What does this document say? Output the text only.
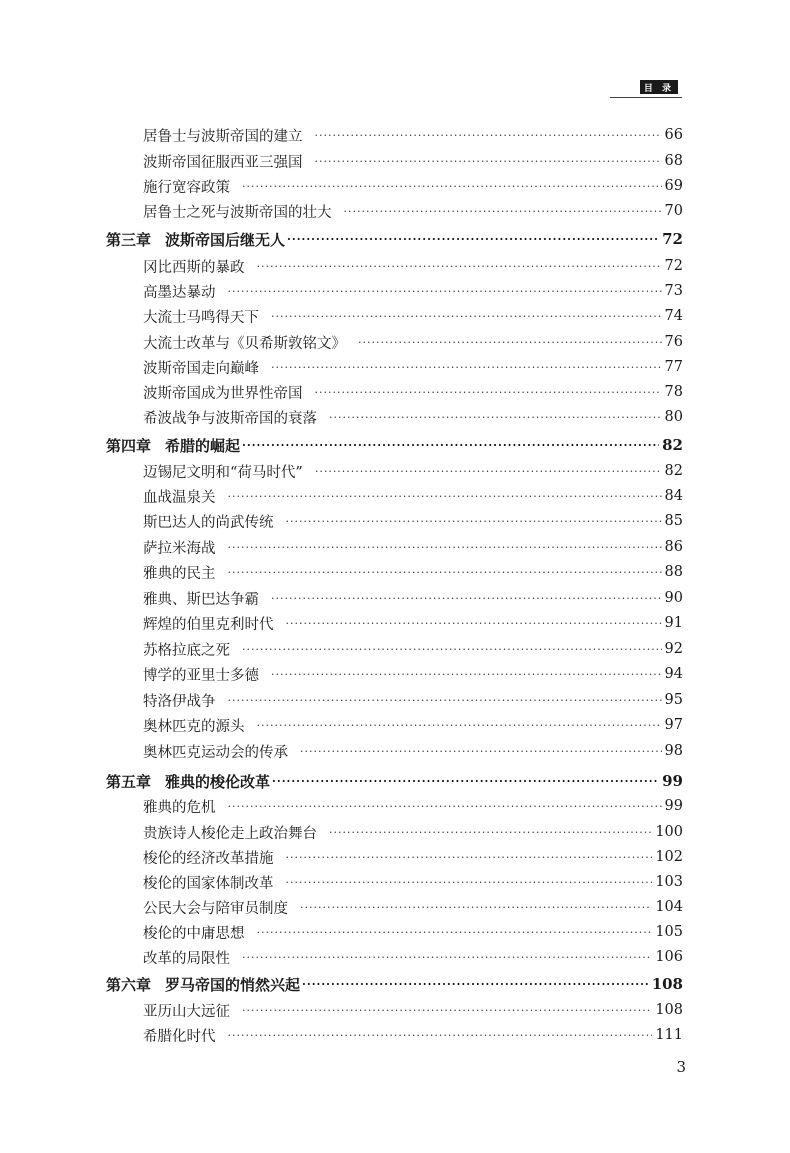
目 录
居鲁士与波斯帝国的建立 ·····	66
波斯帝国征服西亚三强国 ·····	68
施行宽容政策 ·····	69
居鲁士之死与波斯帝国的壮大 ·····	70
第三章 波斯帝国后继无人 ·····	72
冈比西斯的暴政 ·····	72
高墨达暴动 ·····	73
大流士马鸣得天下 ·····	74
大流士改革与《贝希斯敦铭文》 ·····	76
波斯帝国走向巅峰 ·····	77
波斯帝国成为世界性帝国 ·····	78
希波战争与波斯帝国的衰落 ·····	80
第四章 希腊的崛起 ·····	82
迈锡尼文明和“荷马时代” ·····	82
血战温泉关 ·····	84
斯巴达人的尚武传统 ·····	85
萨拉米海战 ·····	86
雅典的民主 ·····	88
雅典、斯巴达争霸 ·····	90
辉煌的伯里克利时代 ·····	91
苏格拉底之死 ·····	92
博学的亚里士多德 ·····	94
特洛伊战争 ·····	95
奥林匹克的源头 ·····	97
奥林匹克运动会的传承 ·····	98
第五章 雅典的梭伦改革 ·····	99
雅典的危机 ·····	99
贵族诗人梭伦走上政治舞台 ·····	100
梭伦的经济改革措施 ·····	102
梭伦的国家体制改革 ·····	103
公民大会与陪审员制度 ·····	104
梭伦的中庸思想 ·····	105
改革的局限性 ·····	106
第六章 罗马帝国的悄然兴起 ·····	108
亚历山大远征 ·····	108
希腊化时代 ·····	111
3
